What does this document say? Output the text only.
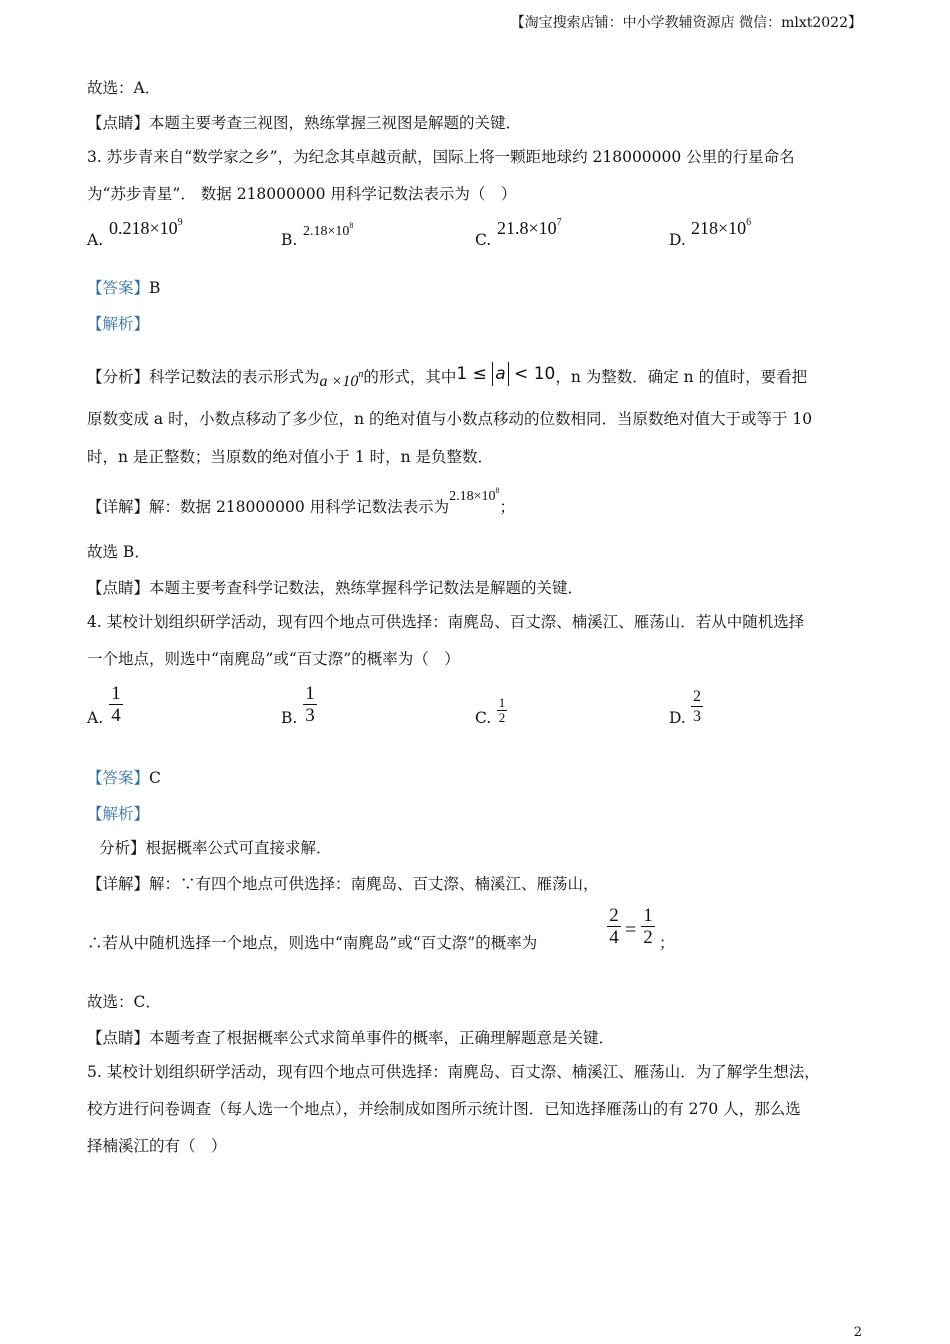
【淘宝搜索店铺：中小学教辅资源店 微信：mlxt2022】
故选：A．
【点睛】本题主要考查三视图，熟练掌握三视图是解题的关键．
3. 苏步青来自“数学家之乡”，为纪念其卓越贡献，国际上将一颗距地球约 218000000 公里的行星命名
为“苏步青星”． 数据 218000000 用科学记数法表示为（　）
A.
$0.218\times 10^9$
B. $2.18\times 10^8$
C.
$21.8\times 10^7$
D.
$218\times 10^6$
【答案】B
【解析】
【分析】科学记数法的表示形式为$a \times 10^n$的形式，其中1 ≤ a < 10，n 为整数．确定 n 的值时，要看把
原数变成 a 时，小数点移动了多少位，n 的绝对值与小数点移动的位数相同．当原数绝对值大于或等于 10
时，n 是正整数；当原数的绝对值小于 1 时，n 是负整数．
【详解】解：数据 218000000 用科学记数法表示为$2.18\times 10^8$；
故选 B．
【点睛】本题主要考查科学记数法，熟练掌握科学记数法是解题的关键．
4. 某校计划组织研学活动，现有四个地点可供选择：南麂岛、百丈漈、楠溪江、雁荡山．若从中随机选择
一个地点，则选中“南麂岛”或“百丈漈”的概率为（　）
A.
1
4	B.
1
3	C.
1
2	D.
2
3
【答案】C
【解析】
分析】根据概率公式可直接求解．
【详解】解：∵有四个地点可供选择：南麂岛、百丈漈、楠溪江、雁荡山，
∴若从中随机选择一个地点，则选中“南麂岛”或“百丈漈”的概率为
2
4 =
1
2 ；
故选：C．
【点睛】本题考查了根据概率公式求简单事件的概率，正确理解题意是关键．
5. 某校计划组织研学活动，现有四个地点可供选择：南麂岛、百丈漈、楠溪江、雁荡山．为了解学生想法，
校方进行问卷调查（每人选一个地点），并绘制成如图所示统计图．已知选择雁荡山的有 270 人，那么选
择楠溪江的有（　）
2
